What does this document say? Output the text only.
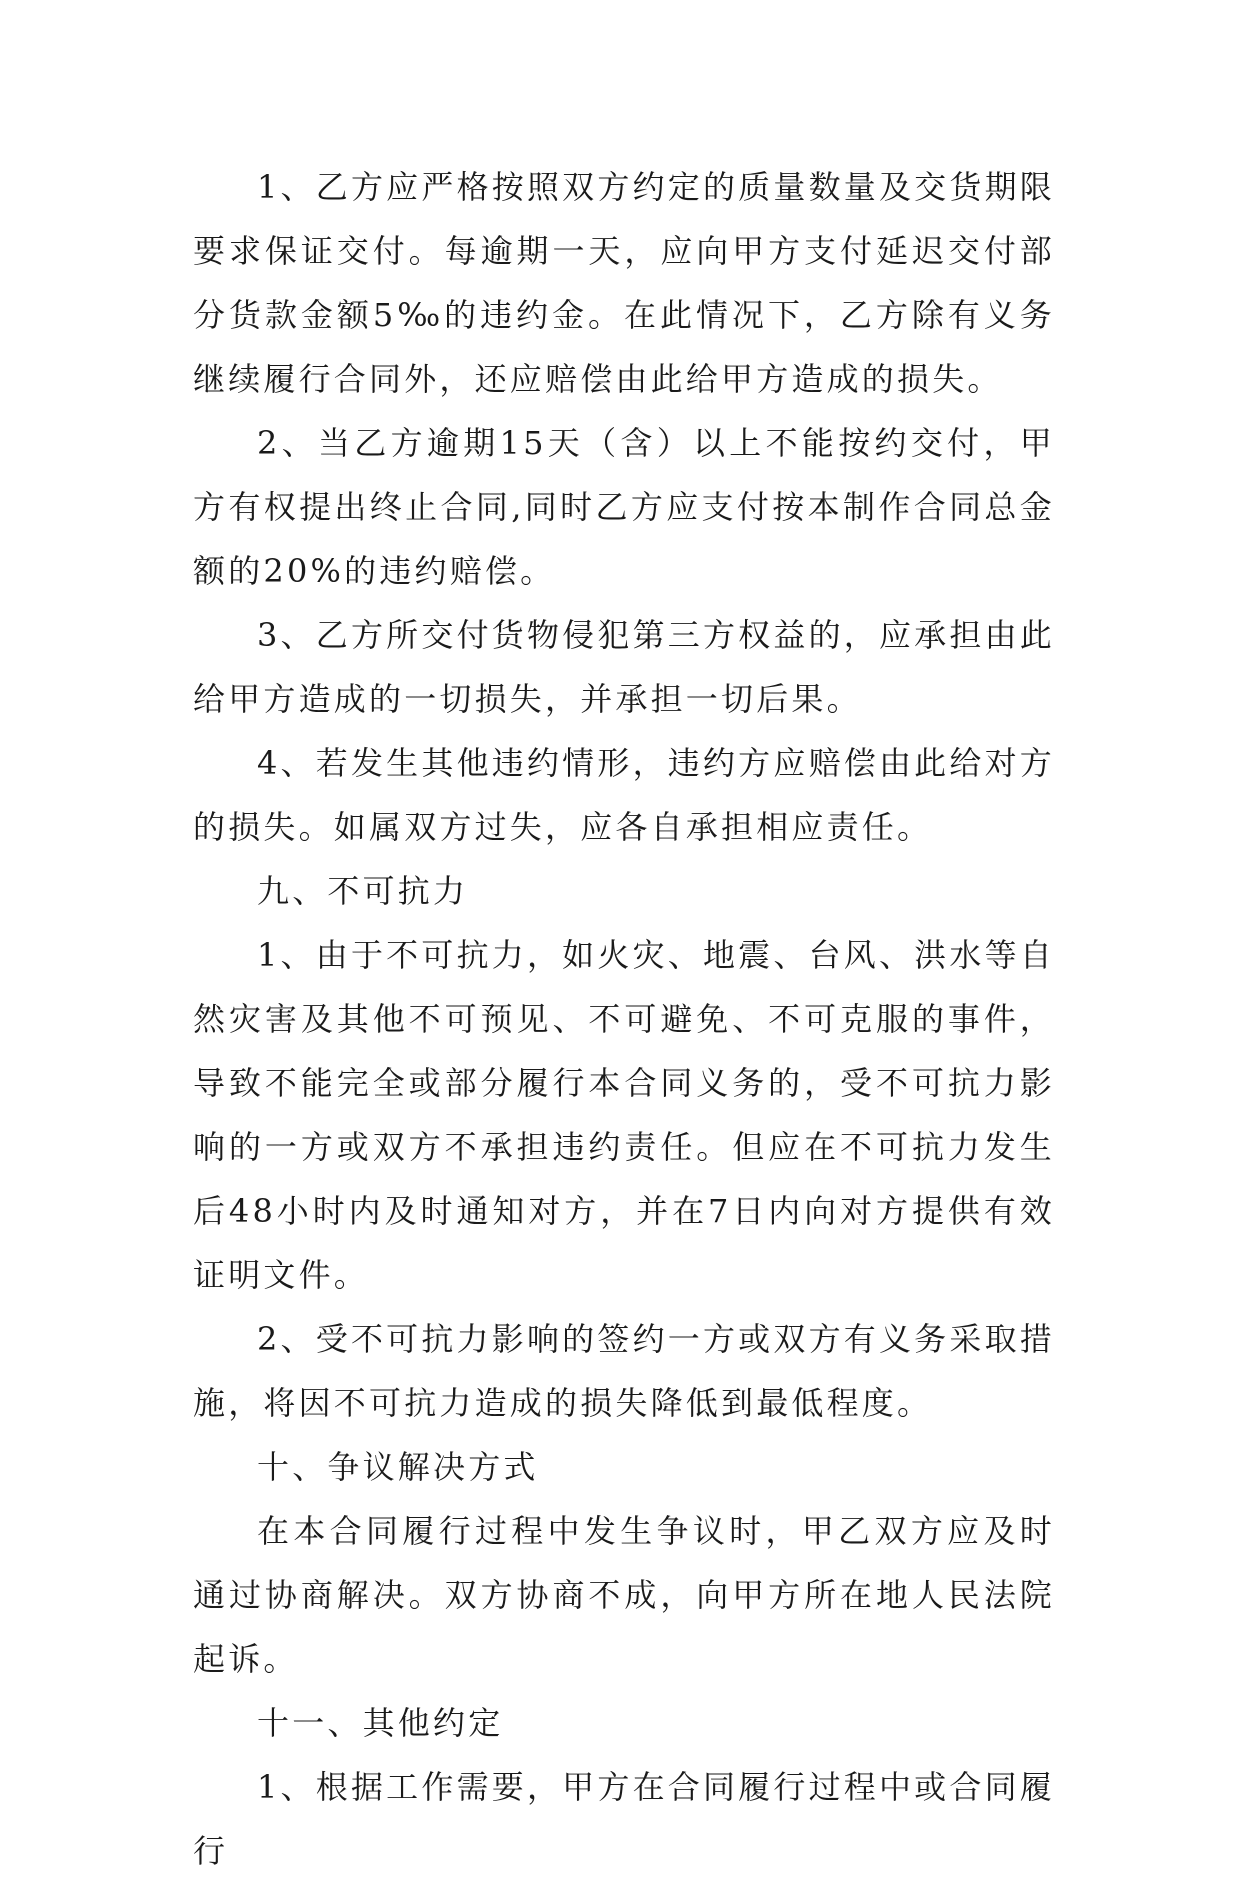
1、乙方应严格按照双方约定的质量数量及交货期限要求保证交付。每逾期一天，应向甲方支付延迟交付部分货款金额5‰的违约金。在此情况下，乙方除有义务继续履行合同外，还应赔偿由此给甲方造成的损失。

2、当乙方逾期15天（含）以上不能按约交付，甲方有权提出终止合同,同时乙方应支付按本制作合同总金额的20%的违约赔偿。

3、乙方所交付货物侵犯第三方权益的，应承担由此给甲方造成的一切损失，并承担一切后果。

4、若发生其他违约情形，违约方应赔偿由此给对方的损失。如属双方过失，应各自承担相应责任。

九、不可抗力

1、由于不可抗力，如火灾、地震、台风、洪水等自然灾害及其他不可预见、不可避免、不可克服的事件，导致不能完全或部分履行本合同义务的，受不可抗力影响的一方或双方不承担违约责任。但应在不可抗力发生后48小时内及时通知对方，并在7日内向对方提供有效证明文件。

2、受不可抗力影响的签约一方或双方有义务采取措施，将因不可抗力造成的损失降低到最低程度。

十、争议解决方式

在本合同履行过程中发生争议时，甲乙双方应及时通过协商解决。双方协商不成，向甲方所在地人民法院起诉。

十一、其他约定

1、根据工作需要，甲方在合同履行过程中或合同履行
